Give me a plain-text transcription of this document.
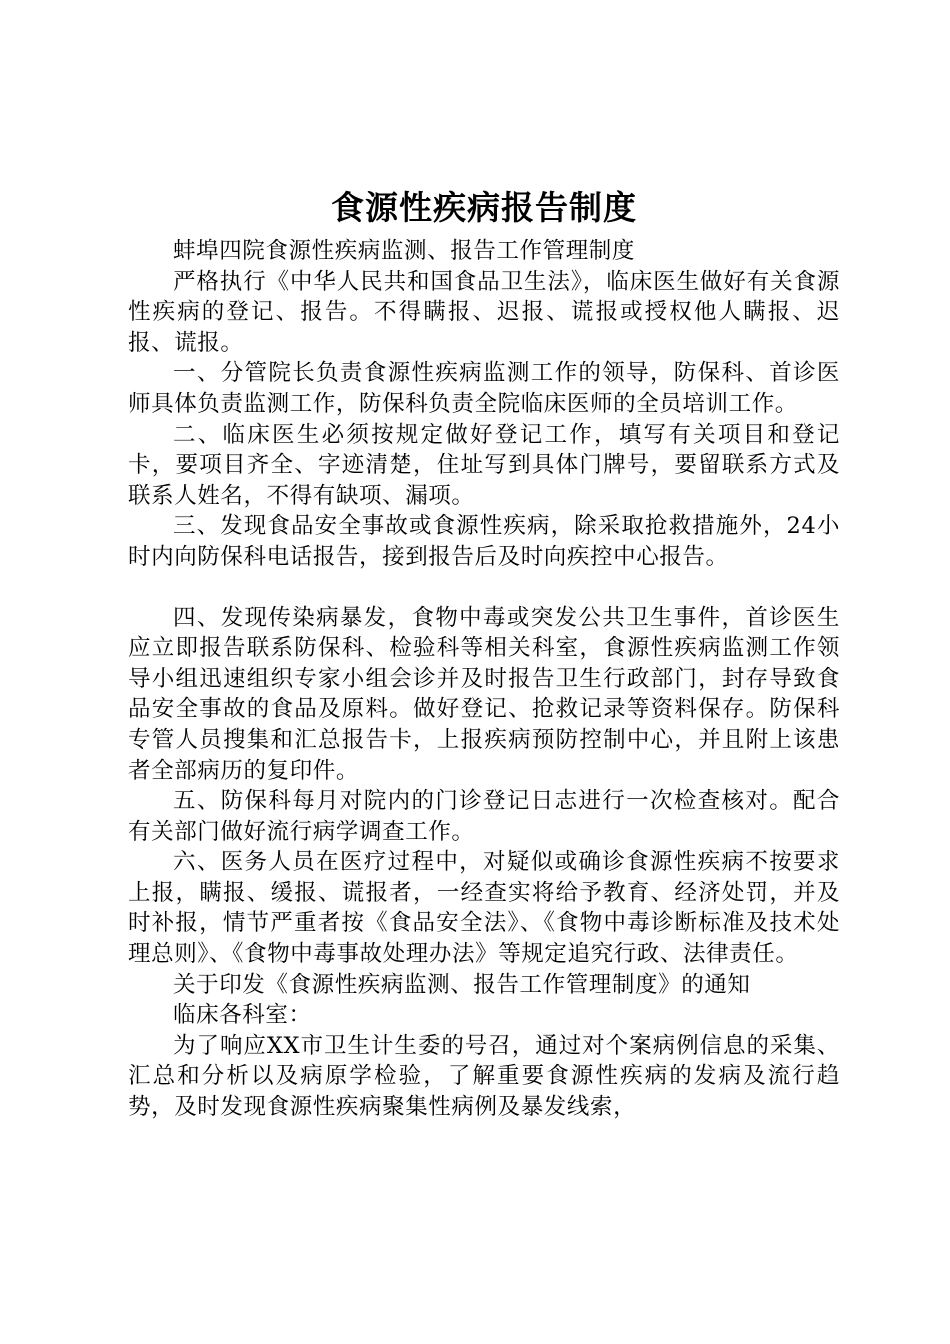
食源性疾病报告制度

蚌埠四院食源性疾病监测、报告工作管理制度

严格执行《中华人民共和国食品卫生法》，临床医生做好有关食源性疾病的登记、报告。不得瞒报、迟报、谎报或授权他人瞒报、迟报、谎报。

一、分管院长负责食源性疾病监测工作的领导，防保科、首诊医师具体负责监测工作，防保科负责全院临床医师的全员培训工作。

二、临床医生必须按规定做好登记工作，填写有关项目和登记卡，要项目齐全、字迹清楚，住址写到具体门牌号，要留联系方式及联系人姓名，不得有缺项、漏项。

三、发现食品安全事故或食源性疾病，除采取抢救措施外，24小时内向防保科电话报告，接到报告后及时向疾控中心报告。

四、发现传染病暴发，食物中毒或突发公共卫生事件，首诊医生应立即报告联系防保科、检验科等相关科室，食源性疾病监测工作领导小组迅速组织专家小组会诊并及时报告卫生行政部门，封存导致食品安全事故的食品及原料。做好登记、抢救记录等资料保存。防保科专管人员搜集和汇总报告卡，上报疾病预防控制中心，并且附上该患者全部病历的复印件。

五、防保科每月对院内的门诊登记日志进行一次检查核对。配合有关部门做好流行病学调查工作。

六、医务人员在医疗过程中，对疑似或确诊食源性疾病不按要求上报，瞒报、缓报、谎报者，一经查实将给予教育、经济处罚，并及时补报，情节严重者按《食品安全法》、《食物中毒诊断标准及技术处理总则》、《食物中毒事故处理办法》等规定追究行政、法律责任。

关于印发《食源性疾病监测、报告工作管理制度》的通知

临床各科室：

为了响应XX市卫生计生委的号召，通过对个案病例信息的采集、汇总和分析以及病原学检验，了解重要食源性疾病的发病及流行趋势，及时发现食源性疾病聚集性病例及暴发线索，
